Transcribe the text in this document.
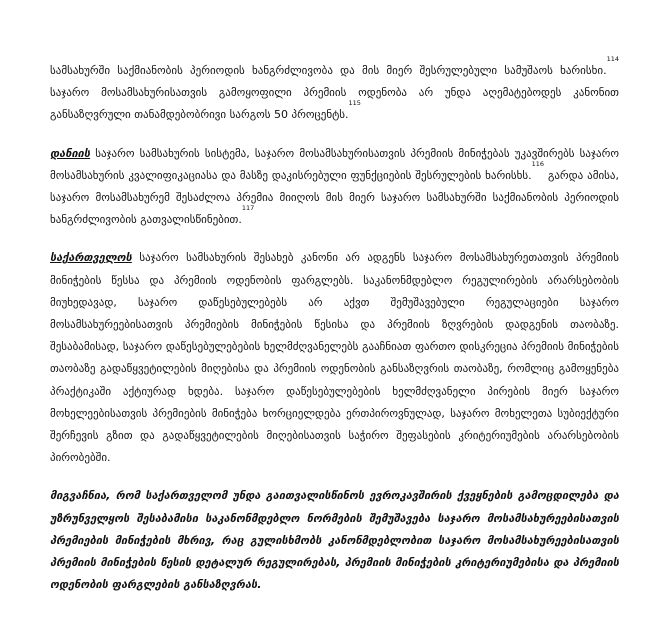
სამსახურში საქმიანობის პერიოდის ხანგრძლივობა და მის მიერ შესრულებული სამუშაოს ხარისხი.$^{114}$ საჯარო მოსამსახურისათვის გამოყოფილი პრემიის ოდენობა არ უნდა აღემატებოდეს კანონით განსაზღვრული თანამდებობრივი სარგოს 50 პროცენტს.$^{115}$

დანიის საჯარო სამსახურის სისტემა, საჯარო მოსამსახურისათვის პრემიის მინიჭებას უკავშირებს საჯარო მოსამსახურის კვალიფიკაციასა და მასზე დაკისრებული ფუნქციების შესრულების ხარისხს.$^{116}$ გარდა ამისა, საჯარო მოსამსახურემ შესაძლოა პრემია მიიღოს მის მიერ საჯარო სამსახურში საქმიანობის პერიოდის ხანგრძლივობის გათვალისწინებით.$^{117}$

საქართველოს საჯარო სამსახურის შესახებ კანონი არ ადგენს საჯარო მოსამსახურეთათვის პრემიის მინიჭების წესსა და პრემიის ოდენობის ფარგლებს. საკანონმდებლო რეგულირების არარსებობის მიუხედავად, საჯარო დაწესებულებებს არ აქვთ შემუშავებული რეგულაციები საჯარო მოსამსახურეებისათვის პრემიების მინიჭების წესისა და პრემიის ზღვრების დადგენის თაობაზე. შესაბამისად, საჯარო დაწესებულებების ხელმძღვანელებს გააჩნიათ ფართო დისკრეცია პრემიის მინიჭების თაობაზე გადაწყვეტილების მიღებისა და პრემიის ოდენობის განსაზღვრის თაობაზე, რომლიც გამოყენება პრაქტიკაში აქტიურად ხდება. საჯარო დაწესებულებების ხელმძღვანელი პირების მიერ საჯარო მოხელეებისათვის პრემიების მინიჭება ხორციელდება ერთპიროვნულად, საჯარო მოხელეთა სუბიექტური შერჩევის გზით და გადაწყვეტილების მიღებისათვის საჭირო შეფასების კრიტერიუმების არარსებობის პირობებში.

მიგვაჩნია, რომ საქართველომ უნდა გაითვალისწინოს ევროკავშირის ქვეყნების გამოცდილება და უზრუნველყოს შესაბამისი საკანონმდებლო ნორმების შემუშავება საჯარო მოსამსახურეებისათვის პრემიების მინიჭების მხრივ, რაც გულისხმობს კანონმდებლობით საჯარო მოსამსახურეებისათვის პრემიის მინიჭების წესის დეტალურ რეგულირებას, პრემიის მინიჭების კრიტერიუმებისა და პრემიის ოდენობის ფარგლების განსაზღვრას.
